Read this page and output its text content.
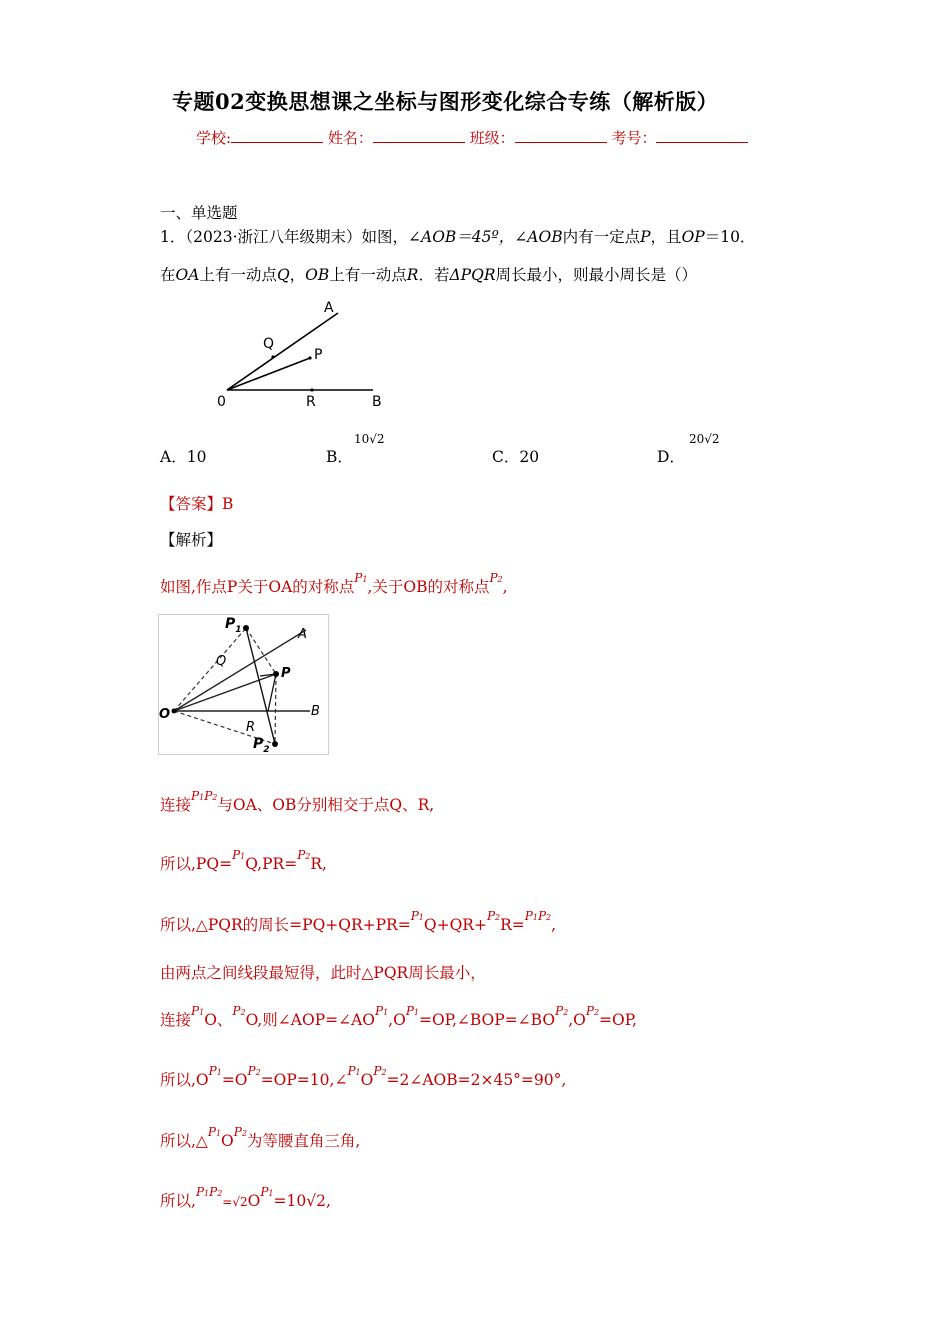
专题02变换思想课之坐标与图形变化综合专练（解析版）
学校:	姓名：	班级：	考号：
一、单选题
1．（2023·浙江八年级期末）如图，∠AOB＝45º，∠AOB内有一定点P，且OP＝10．
在OA上有一动点Q，OB上有一动点R．若ΔPQR周长最小，则最小周长是（）
A
Q
P
0	R	B
A．10	B．
10√2
C．20	D．
20√2
【答案】B
【解析】
如图,作点P关于OA的对称点$^{P1}$,关于OB的对称点$^{P2}$,
$P_1$	A
Q
P
O	B
R
$P_2$
连接$^{P1P2}$与OA、OB分别相交于点Q、R,
所以,PQ=$^{P1}$Q,PR=$^{P2}$R,
所以,△PQR的周长=PQ+QR+PR=$^{P1}$Q+QR+$^{P2}$R=$^{P1P2}$,
由两点之间线段最短得，此时△PQR周长最小，
连接$^{P1}$O、$^{P2}$O,则$\angle AOP=\angle AO^{P1},O^{P1}=OP,\angle BOP=\angle BO^{P2},O^{P2}=OP$,
所以$,O^{P1}=O^{P2}=OP=10,\angle^{P1}O^{P2}=2\angle AOB=2\times 45^\circ=90^\circ$,
所以$,\triangle^{P1}O^{P2}$为等腰直角三角,
所以$,^{P1P2}=√2O^{P1}=10√2$,
